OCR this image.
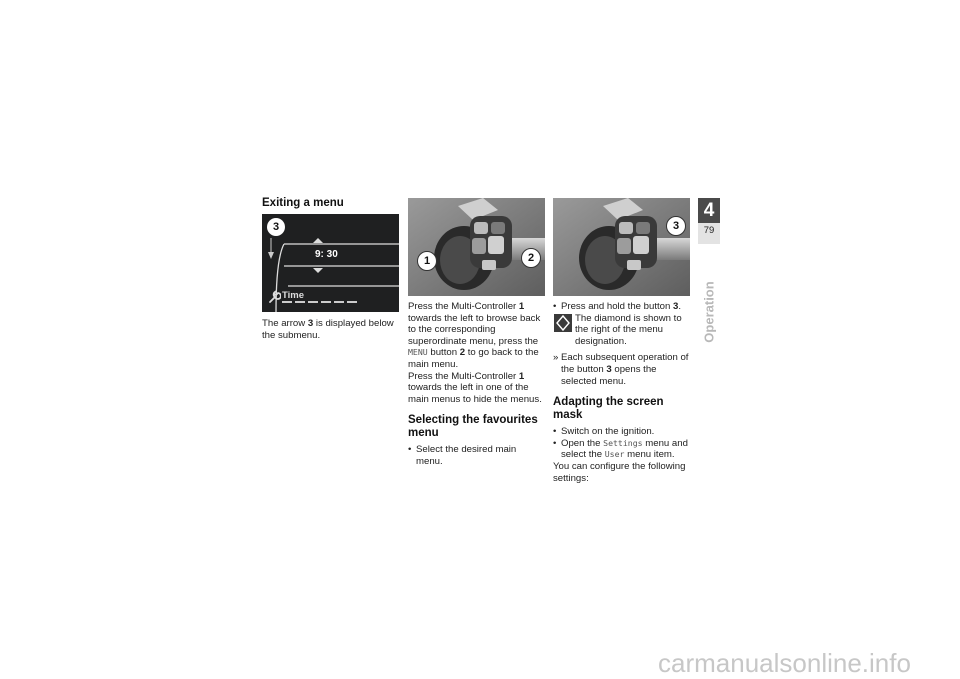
Exiting a menu
3
9: 30
Time

The arrow 3 is displayed below the submenu.

1	2

Press the Multi-Controller 1 towards the left to browse back to the corresponding superordinate menu, press the MENU button 2 to go back to the main menu.

Press the Multi-Controller 1 towards the left in one of the main menus to hide the menus.

Selecting the favourites menu

• Select the desired main menu.

3

• Press and hold the button 3.

The diamond is shown to the right of the menu designation.

» Each subsequent operation of the button 3 opens the selected menu.

Adapting the screen mask

• Switch on the ignition.

• Open the Settings menu and select the User menu item.

You can configure the following settings:

4
79
Operation
carmanualsonline.info
